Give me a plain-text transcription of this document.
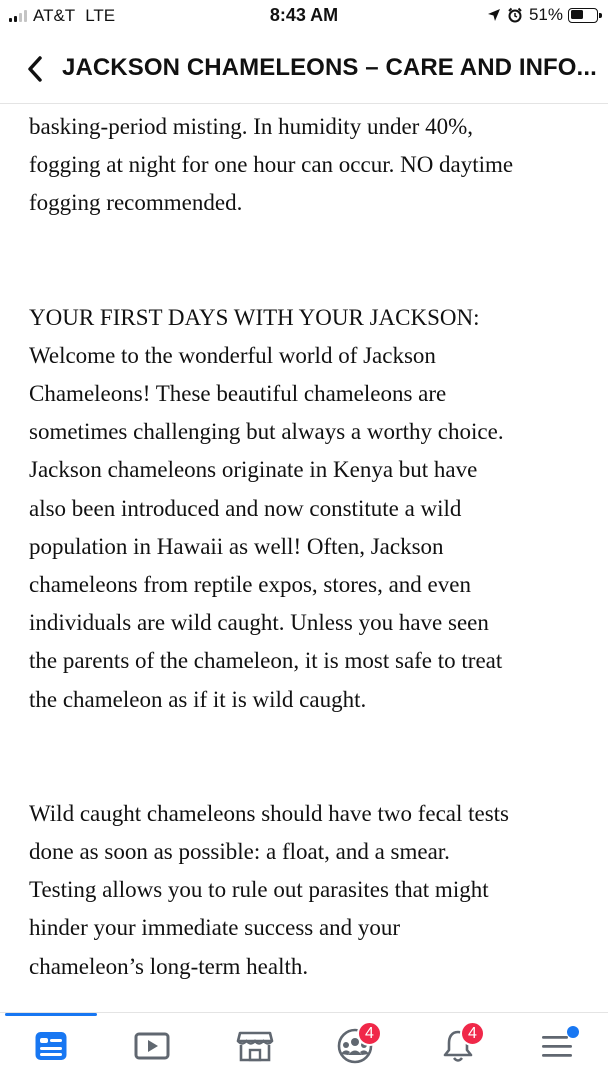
AT&T LTE	8:43 AM	51%
JACKSON CHAMELEONS – CARE AND INFO...

basking-period misting. In humidity under 40%,
fogging at night for one hour can occur. NO daytime
fogging recommended.

YOUR FIRST DAYS WITH YOUR JACKSON:
Welcome to the wonderful world of Jackson
Chameleons! These beautiful chameleons are
sometimes challenging but always a worthy choice.
Jackson chameleons originate in Kenya but have
also been introduced and now constitute a wild
population in Hawaii as well! Often, Jackson
chameleons from reptile expos, stores, and even
individuals are wild caught. Unless you have seen
the parents of the chameleon, it is most safe to treat
the chameleon as if it is wild caught.

Wild caught chameleons should have two fecal tests
done as soon as possible: a float, and a smear.
Testing allows you to rule out parasites that might
hinder your immediate success and your
chameleon’s long-term health.

4	4
